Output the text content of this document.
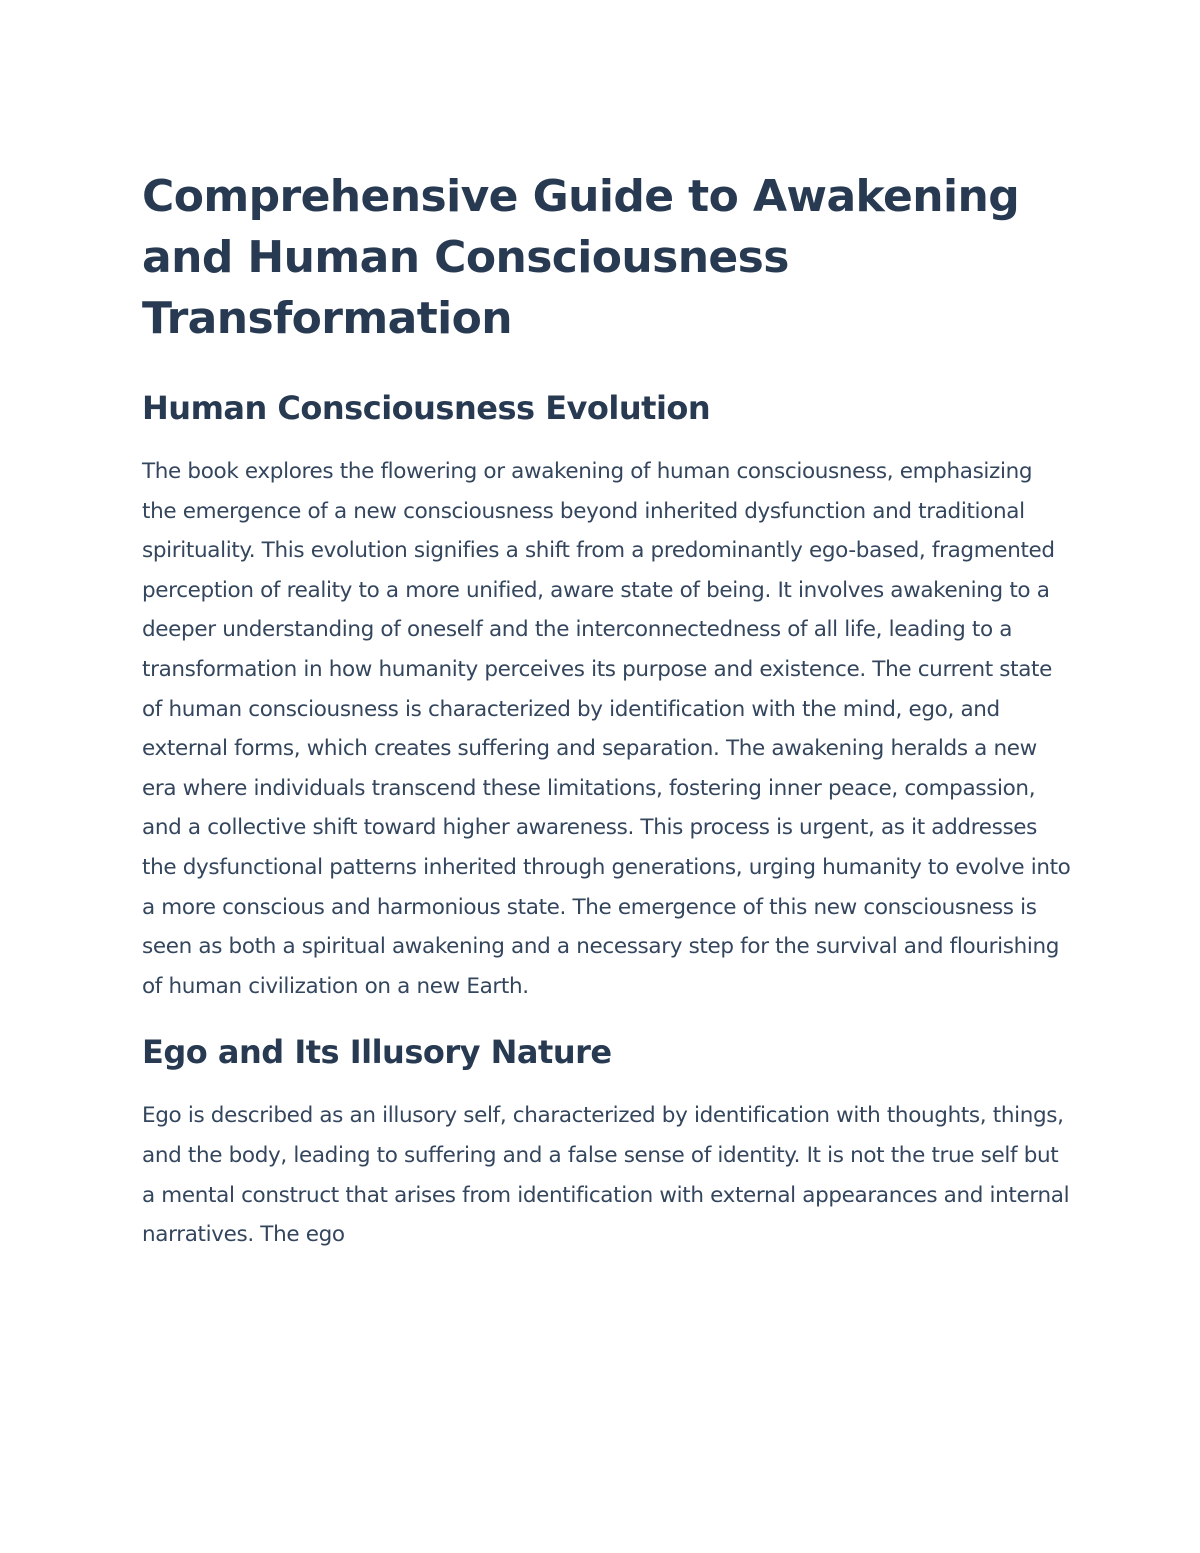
Comprehensive Guide to Awakening and Human Consciousness Transformation
Human Consciousness Evolution

The book explores the flowering or awakening of human consciousness, emphasizing the emergence of a new consciousness beyond inherited dysfunction and traditional spirituality. This evolution signifies a shift from a predominantly ego-based, fragmented perception of reality to a more unified, aware state of being. It involves awakening to a deeper understanding of oneself and the interconnectedness of all life, leading to a transformation in how humanity perceives its purpose and existence. The current state of human consciousness is characterized by identification with the mind, ego, and external forms, which creates suffering and separation. The awakening heralds a new era where individuals transcend these limitations, fostering inner peace, compassion, and a collective shift toward higher awareness. This process is urgent, as it addresses the dysfunctional patterns inherited through generations, urging humanity to evolve into a more conscious and harmonious state. The emergence of this new consciousness is seen as both a spiritual awakening and a necessary step for the survival and flourishing of human civilization on a new Earth.

Ego and Its Illusory Nature

Ego is described as an illusory self, characterized by identification with thoughts, things, and the body, leading to suffering and a false sense of identity. It is not the true self but a mental construct that arises from identification with external appearances and internal narratives. The ego
